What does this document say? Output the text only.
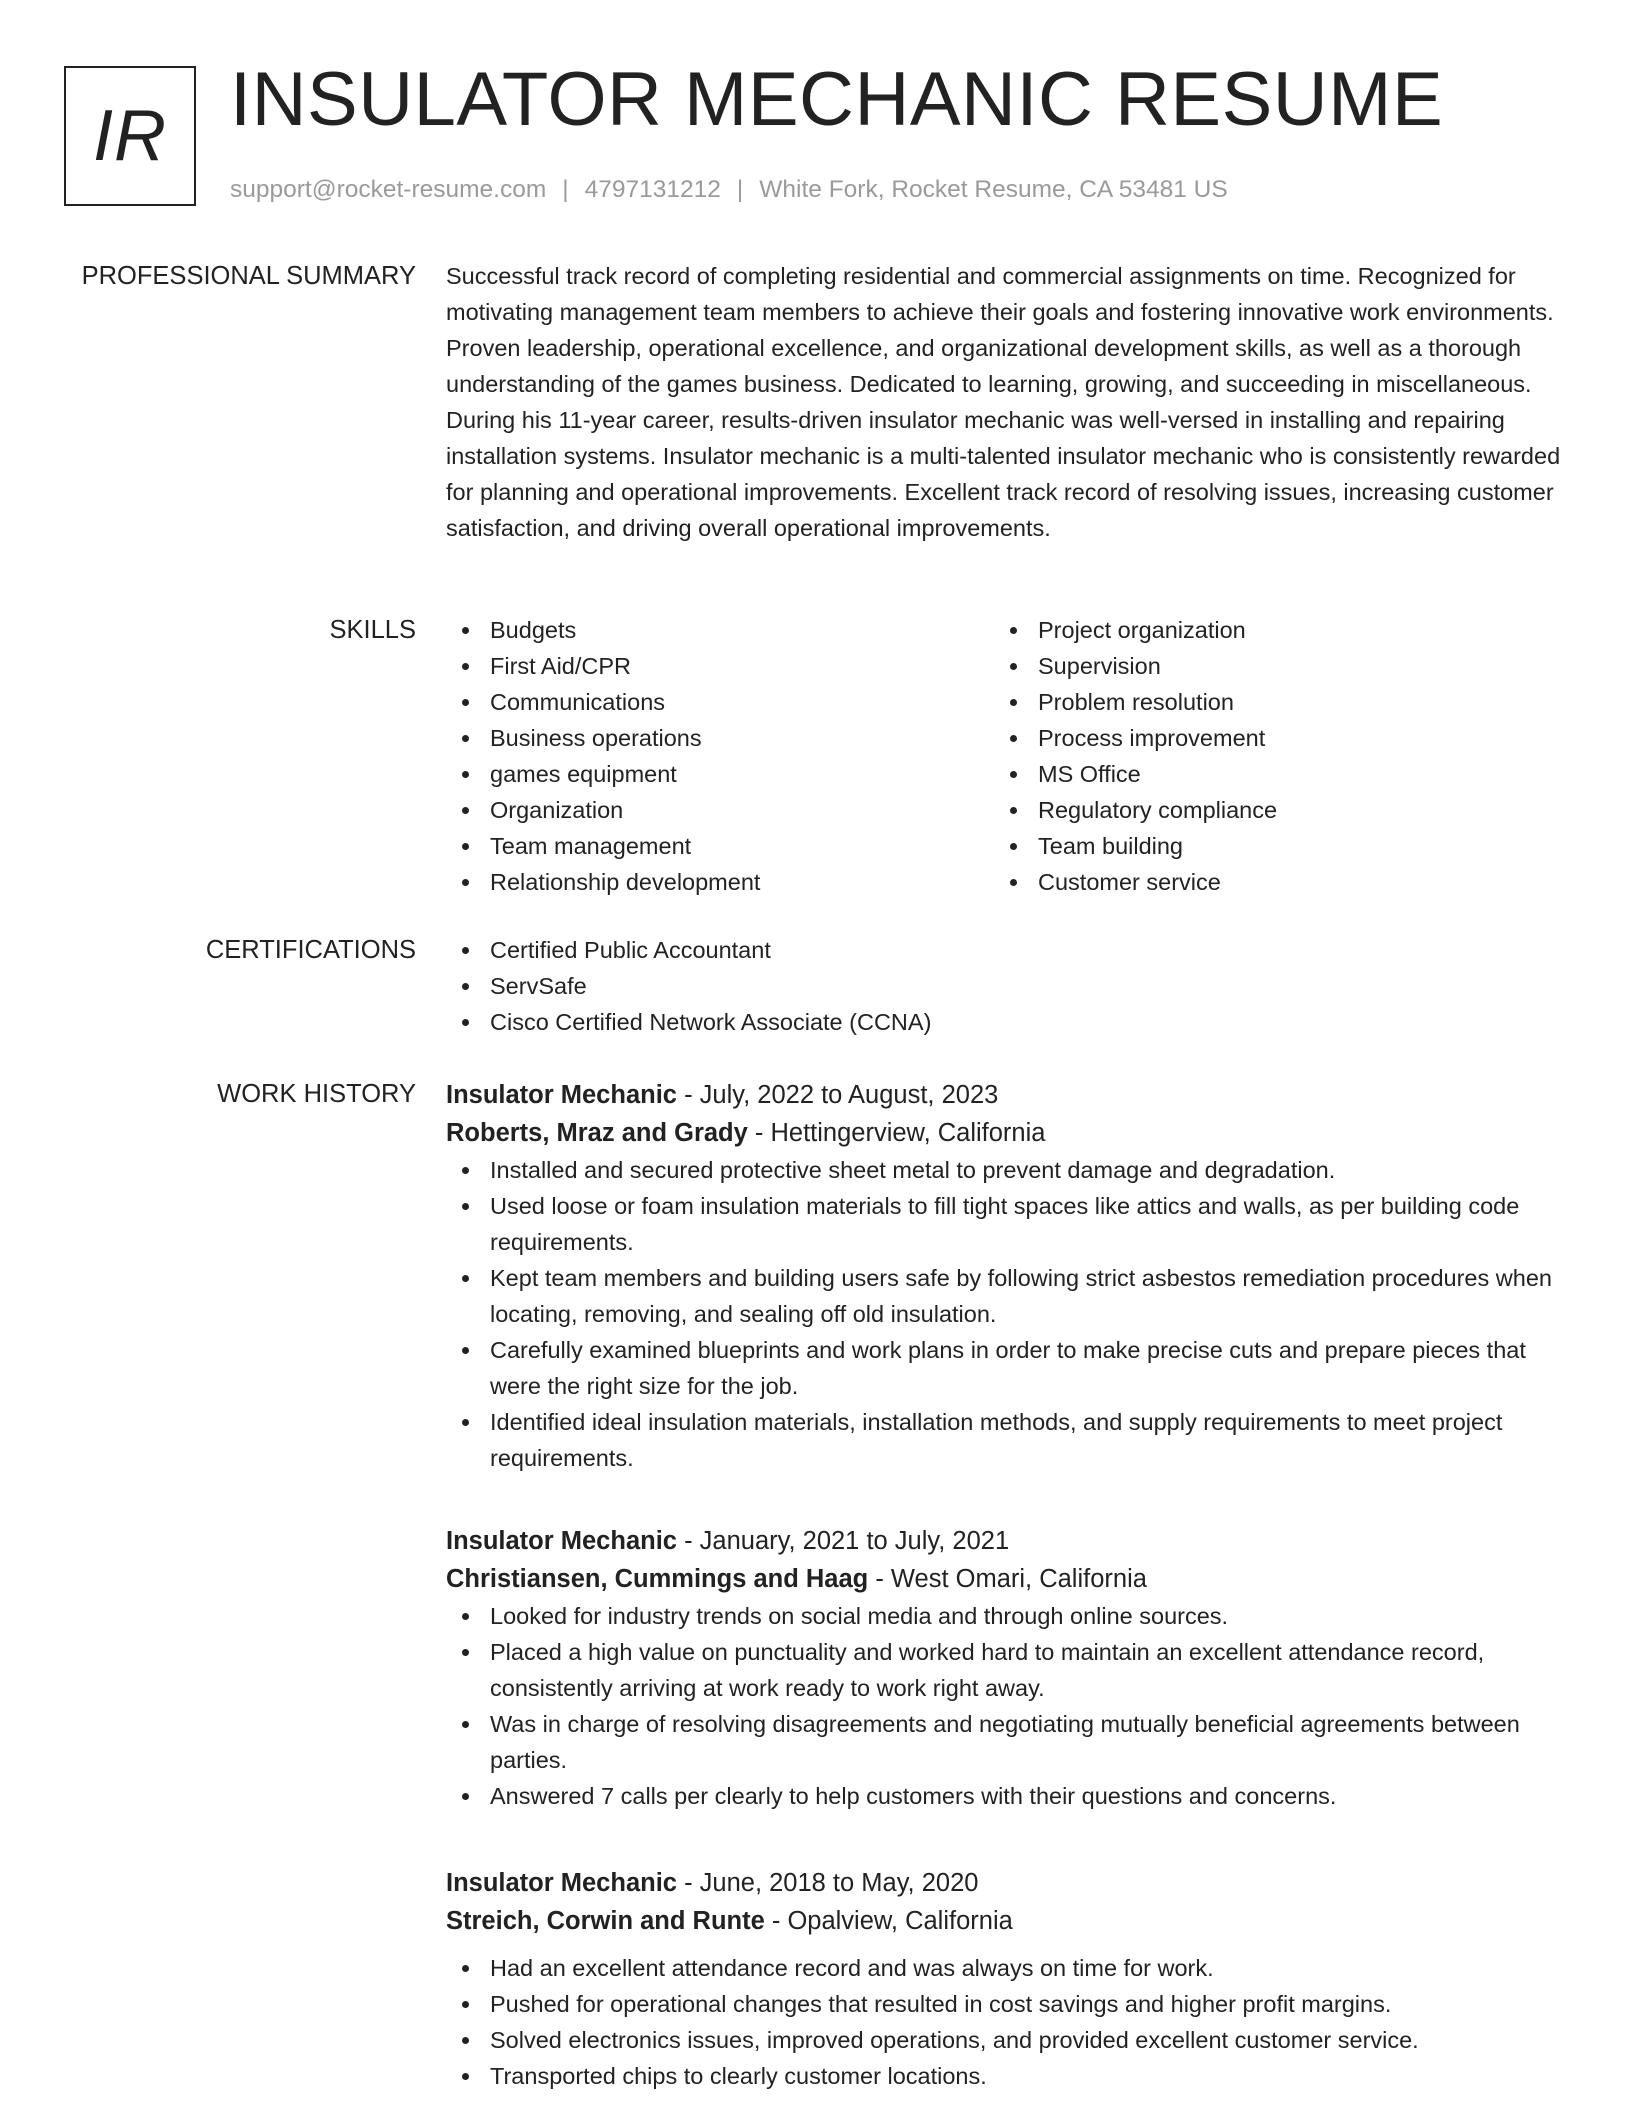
IR INSULATOR MECHANIC RESUME
support@rocket-resume.com | 4797131212 | White Fork, Rocket Resume, CA 53481 US
PROFESSIONAL SUMMARY Successful track record of completing residential and commercial assignments on time. Recognized for motivating management team members to achieve their goals and fostering innovative work environments. Proven leadership, operational excellence, and organizational development skills, as well as a thorough understanding of the games business. Dedicated to learning, growing, and succeeding in miscellaneous. During his 11-year career, results-driven insulator mechanic was well-versed in installing and repairing installation systems. Insulator mechanic is a multi-talented insulator mechanic who is consistently rewarded for planning and operational improvements. Excellent track record of resolving issues, increasing customer satisfaction, and driving overall operational improvements.

SKILLS	Budgets
First Aid/CPR
Communications
Business operations
games equipment
Organization
Team management
Relationship development
Project organization
Supervision
Problem resolution
Process improvement
MS Office
Regulatory compliance
Team building
Customer service
CERTIFICATIONS	Certified Public Accountant
ServSafe
Cisco Certified Network Associate (CCNA)
WORK HISTORY Insulator Mechanic - July, 2022 to August, 2023
Roberts, Mraz and Grady - Hettingerview, California
Installed and secured protective sheet metal to prevent damage and degradation.
Used loose or foam insulation materials to fill tight spaces like attics and walls, as per building code requirements.
Kept team members and building users safe by following strict asbestos remediation procedures when locating, removing, and sealing off old insulation.
Carefully examined blueprints and work plans in order to make precise cuts and prepare pieces that were the right size for the job.
Identified ideal insulation materials, installation methods, and supply requirements to meet project requirements.
Insulator Mechanic - January, 2021 to July, 2021
Christiansen, Cummings and Haag - West Omari, California
Looked for industry trends on social media and through online sources.
Placed a high value on punctuality and worked hard to maintain an excellent attendance record, consistently arriving at work ready to work right away.
Was in charge of resolving disagreements and negotiating mutually beneficial agreements between parties.
Answered 7 calls per clearly to help customers with their questions and concerns.
Insulator Mechanic - June, 2018 to May, 2020
Streich, Corwin and Runte - Opalview, California
Had an excellent attendance record and was always on time for work.
Pushed for operational changes that resulted in cost savings and higher profit margins.
Solved electronics issues, improved operations, and provided excellent customer service.
Transported chips to clearly customer locations.
